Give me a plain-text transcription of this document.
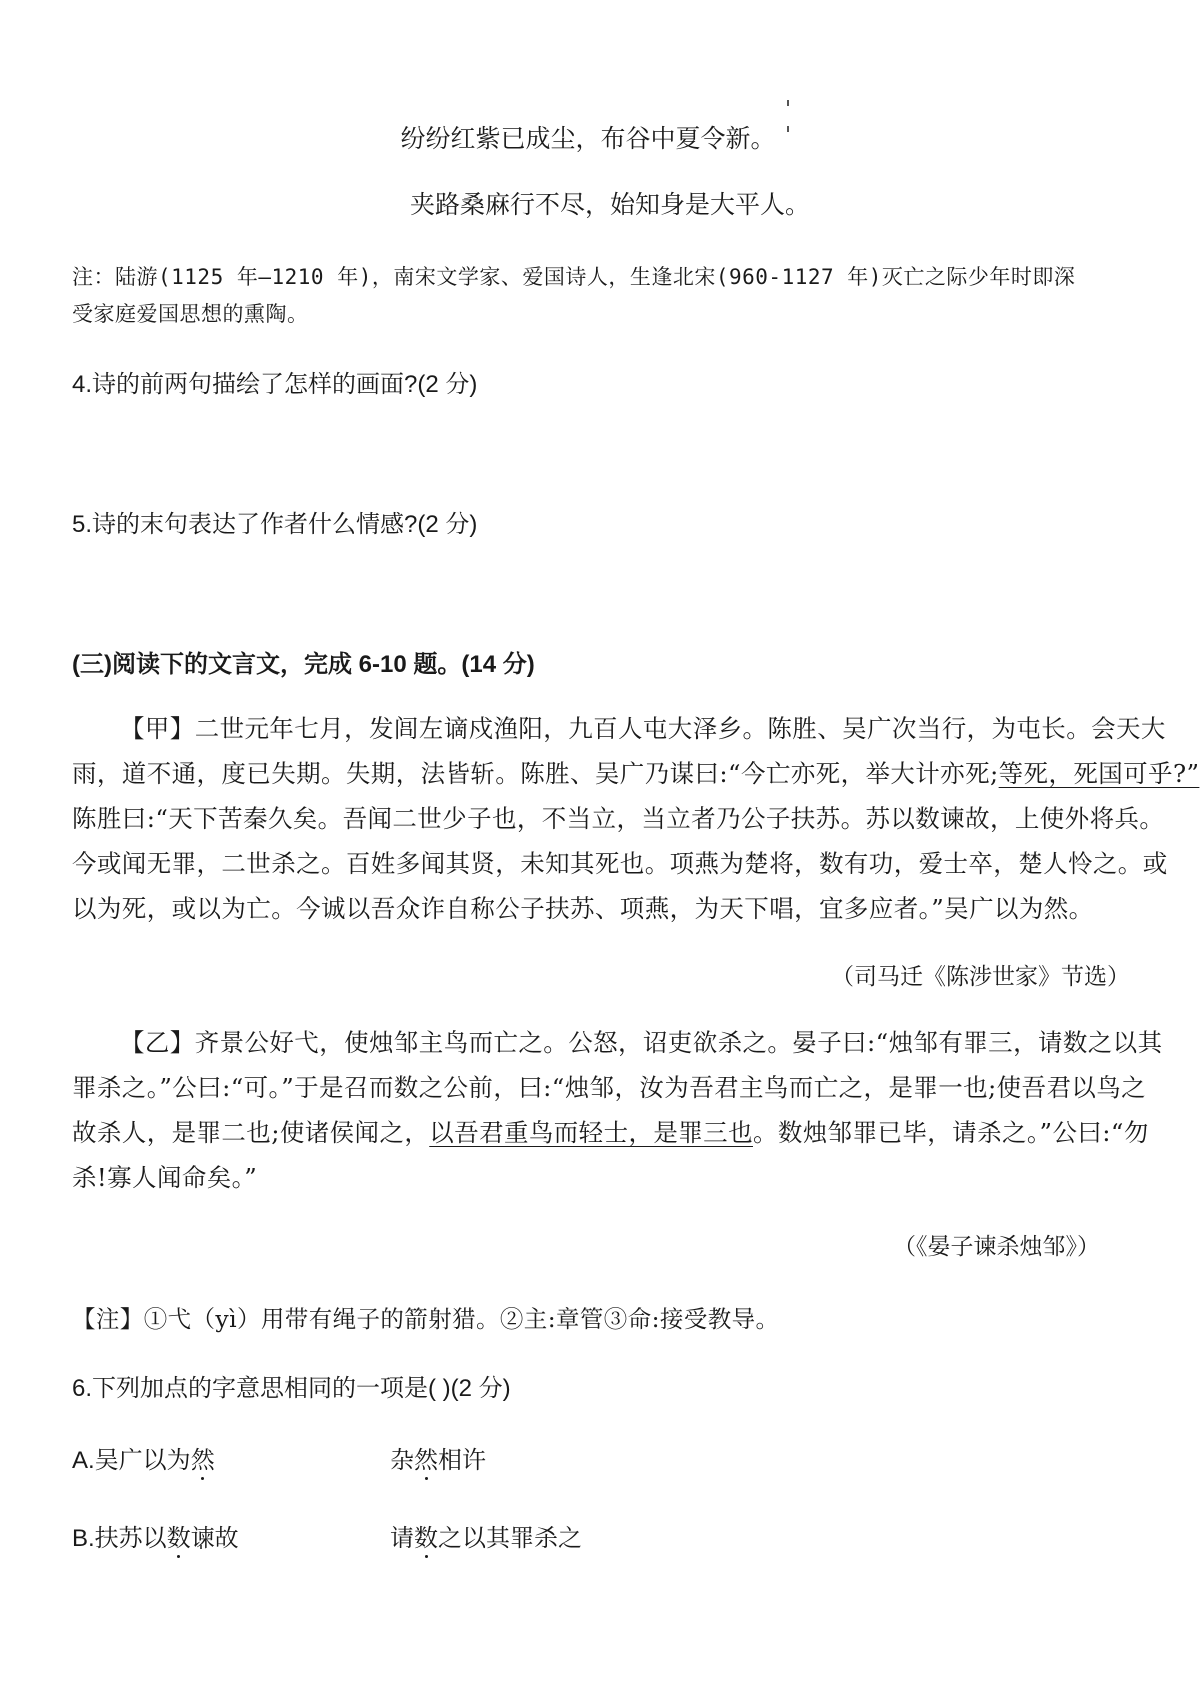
纷纷红紫已成尘，布谷中夏令新。
夹路桑麻行不尽，始知身是大平人。
注：陆游(1125 年—1210 年)，南宋文学家、爱国诗人，生逢北宋(960-1127 年)灭亡之际少年时即深
受家庭爱国思想的熏陶。
4.诗的前两句描绘了怎样的画面?(2 分)
5.诗的末句表达了作者什么情感?(2 分)
(三)阅读下的文言文，完成 6-10 题。(14 分)
【甲】二世元年七月，发闾左谪戍渔阳，九百人屯大泽乡。陈胜、吴广次当行，为屯长。会天大
雨，道不通，度已失期。失期，法皆斩。陈胜、吴广乃谋曰:“今亡亦死，举大计亦死;等死，死国可乎?”
陈胜曰:“天下苦秦久矣。吾闻二世少子也，不当立，当立者乃公子扶苏。苏以数谏故，上使外将兵。
今或闻无罪，二世杀之。百姓多闻其贤，未知其死也。项燕为楚将，数有功，爱士卒，楚人怜之。或
以为死，或以为亡。今诚以吾众诈自称公子扶苏、项燕，为天下唱，宜多应者。”吴广以为然。
（司马迁《陈涉世家》节选）
【乙】齐景公好弋，使烛邹主鸟而亡之。公怒，诏吏欲杀之。晏子曰:“烛邹有罪三，请数之以其
罪杀之。”公曰:“可。”于是召而数之公前，曰:“烛邹，汝为吾君主鸟而亡之，是罪一也;使吾君以鸟之
故杀人，是罪二也;使诸侯闻之，以吾君重鸟而轻士，是罪三也。数烛邹罪已毕，请杀之。”公曰:“勿
杀!寡人闻命矣。”
（《晏子谏杀烛邹》）
【注】①弋（yì）用带有绳子的箭射猎。②主:章管③命:接受教导。
6.下列加点的字意思相同的一项是( )(2 分)
A.吴广以为然	杂然相许
B.扶苏以数谏故	请数之以其罪杀之
